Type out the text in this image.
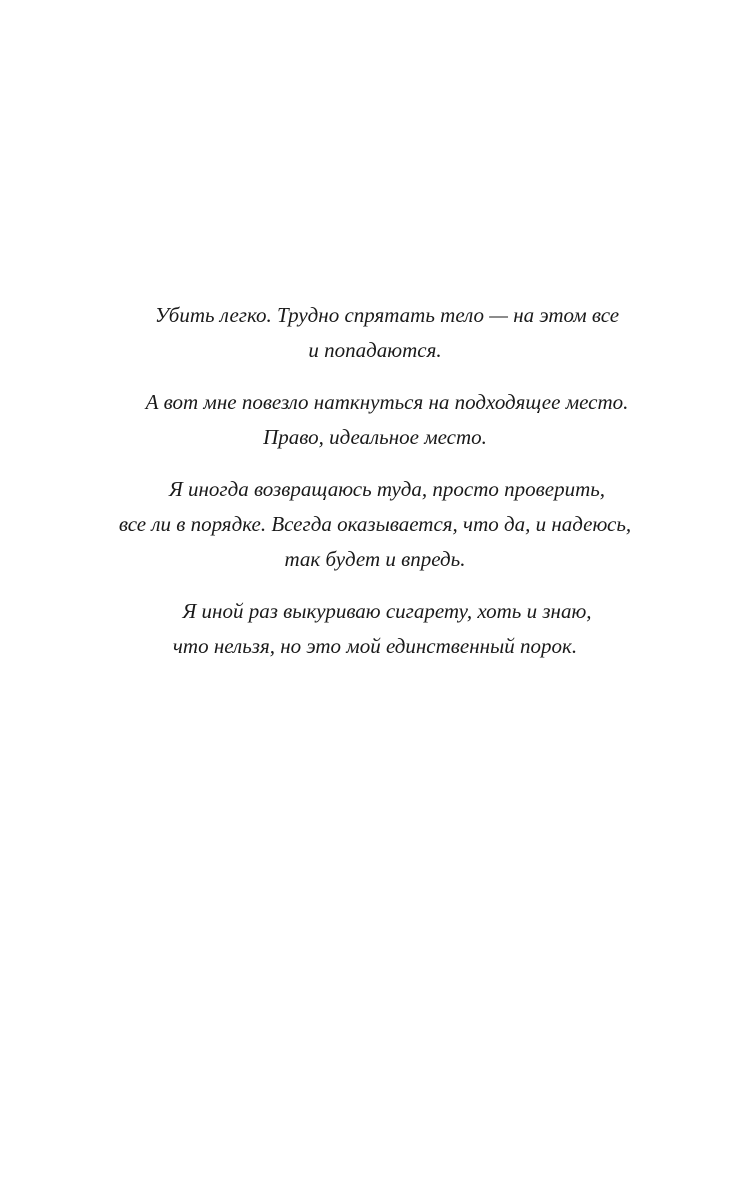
Убить легко. Трудно спрятать тело — на этом все
и попадаются.

А вот мне повезло наткнуться на подходящее место.
Право, идеальное место.

Я иногда возвращаюсь туда, просто проверить,
все ли в порядке. Всегда оказывается, что да, и надеюсь,
так будет и впредь.

Я иной раз выкуриваю сигарету, хоть и знаю,
что нельзя, но это мой единственный порок.
